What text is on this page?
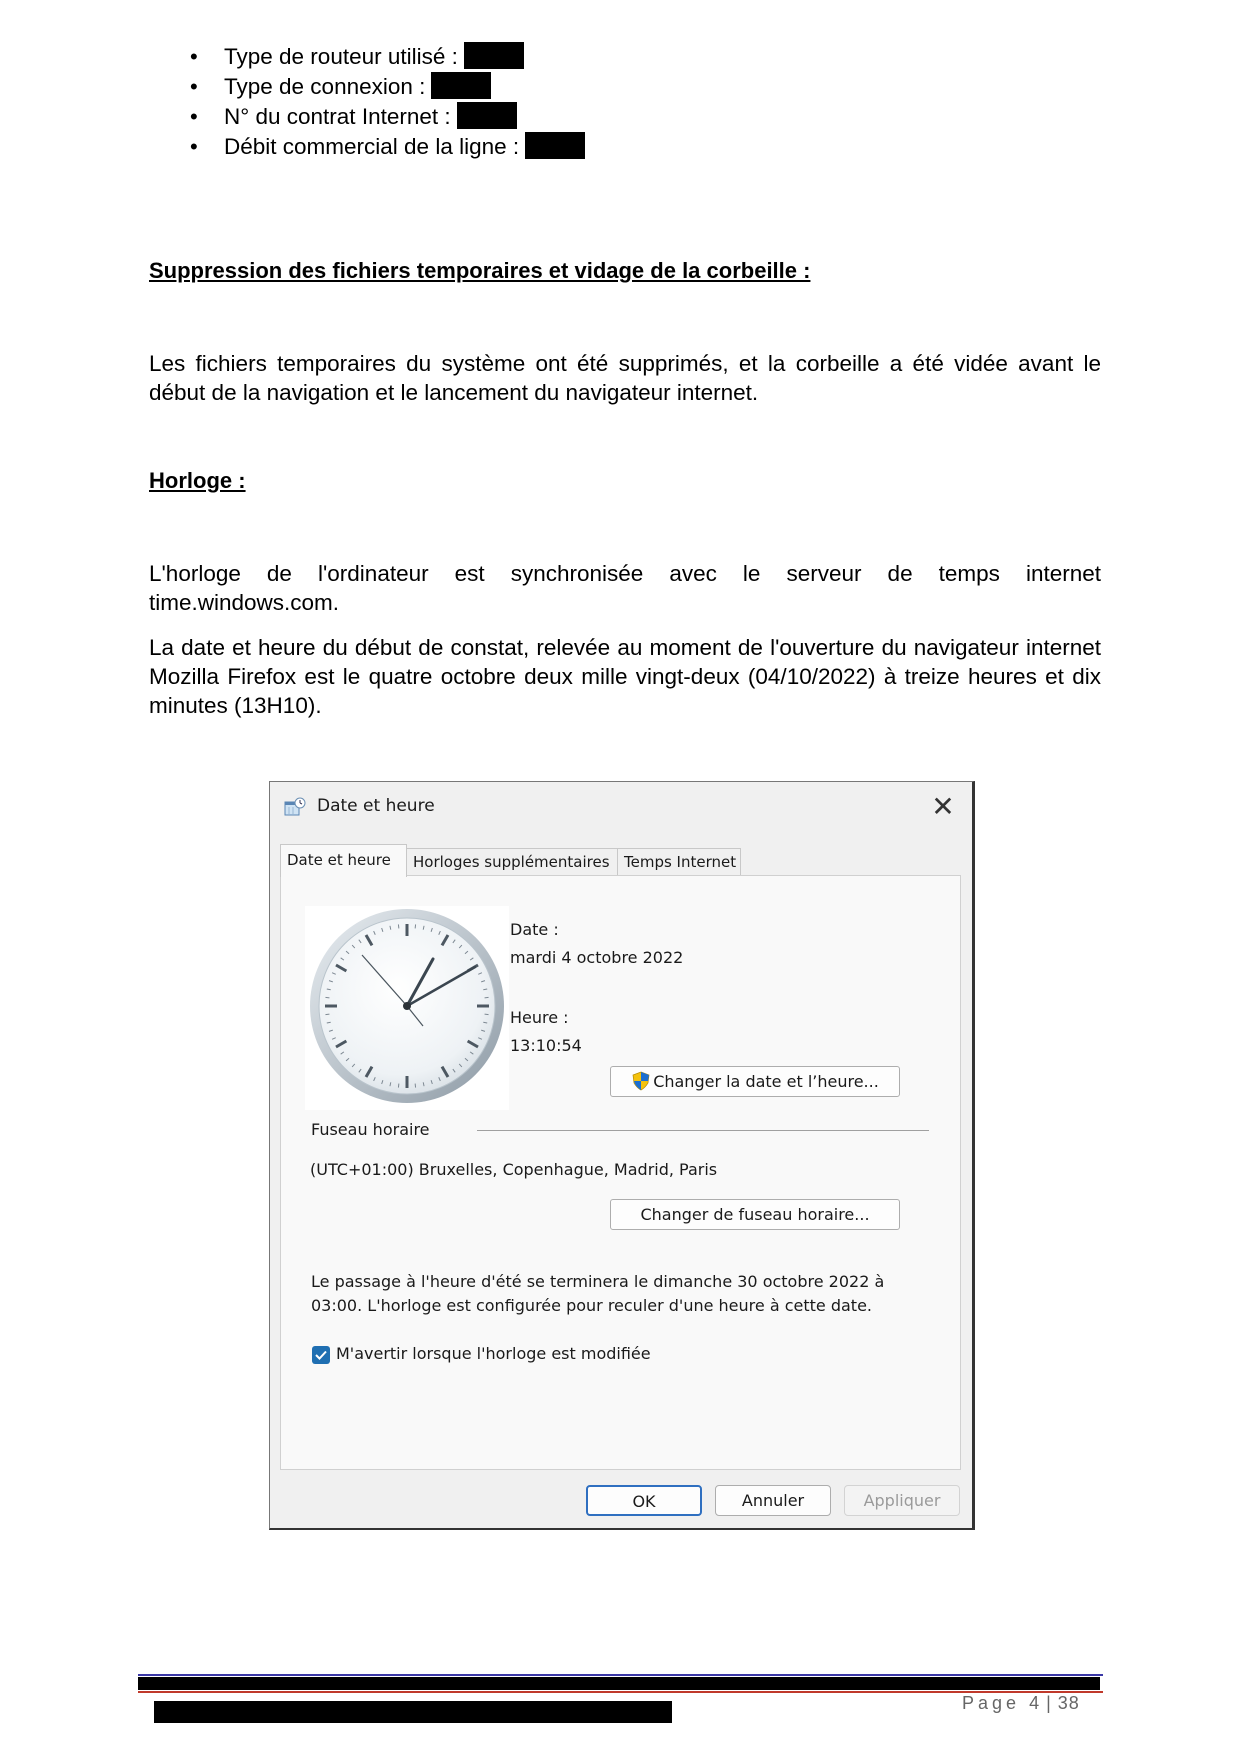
• Type de routeur utilisé :
• Type de connexion :
• N° du contrat Internet :
• Débit commercial de la ligne :
Suppression des fichiers temporaires et vidage de la corbeille :
Les fichiers temporaires du système ont été supprimés, et la corbeille a été vidée avant le
début de la navigation et le lancement du navigateur internet.
Horloge :
L'horloge de l'ordinateur est synchronisée avec le serveur de temps internet
time.windows.com.
La date et heure du début de constat, relevée au moment de l'ouverture du navigateur internet
Mozilla Firefox est le quatre octobre deux mille vingt-deux (04/10/2022) à treize heures et dix
minutes (13H10).
Date et heure	✕
Date et heure	Horloges supplémentaires Temps Internet
Date :
mardi 4 octobre 2022
Heure :
13:10:54
Changer la date et l’heure...
Fuseau horaire
(UTC+01:00) Bruxelles, Copenhague, Madrid, Paris
Changer de fuseau horaire...
Le passage à l'heure d'été se terminera le dimanche 30 octobre 2022 à
03:00. L'horloge est configurée pour reculer d'une heure à cette date.
M'avertir lorsque l'horloge est modifiée
OK	Annuler	Appliquer
Page 4 | 38
